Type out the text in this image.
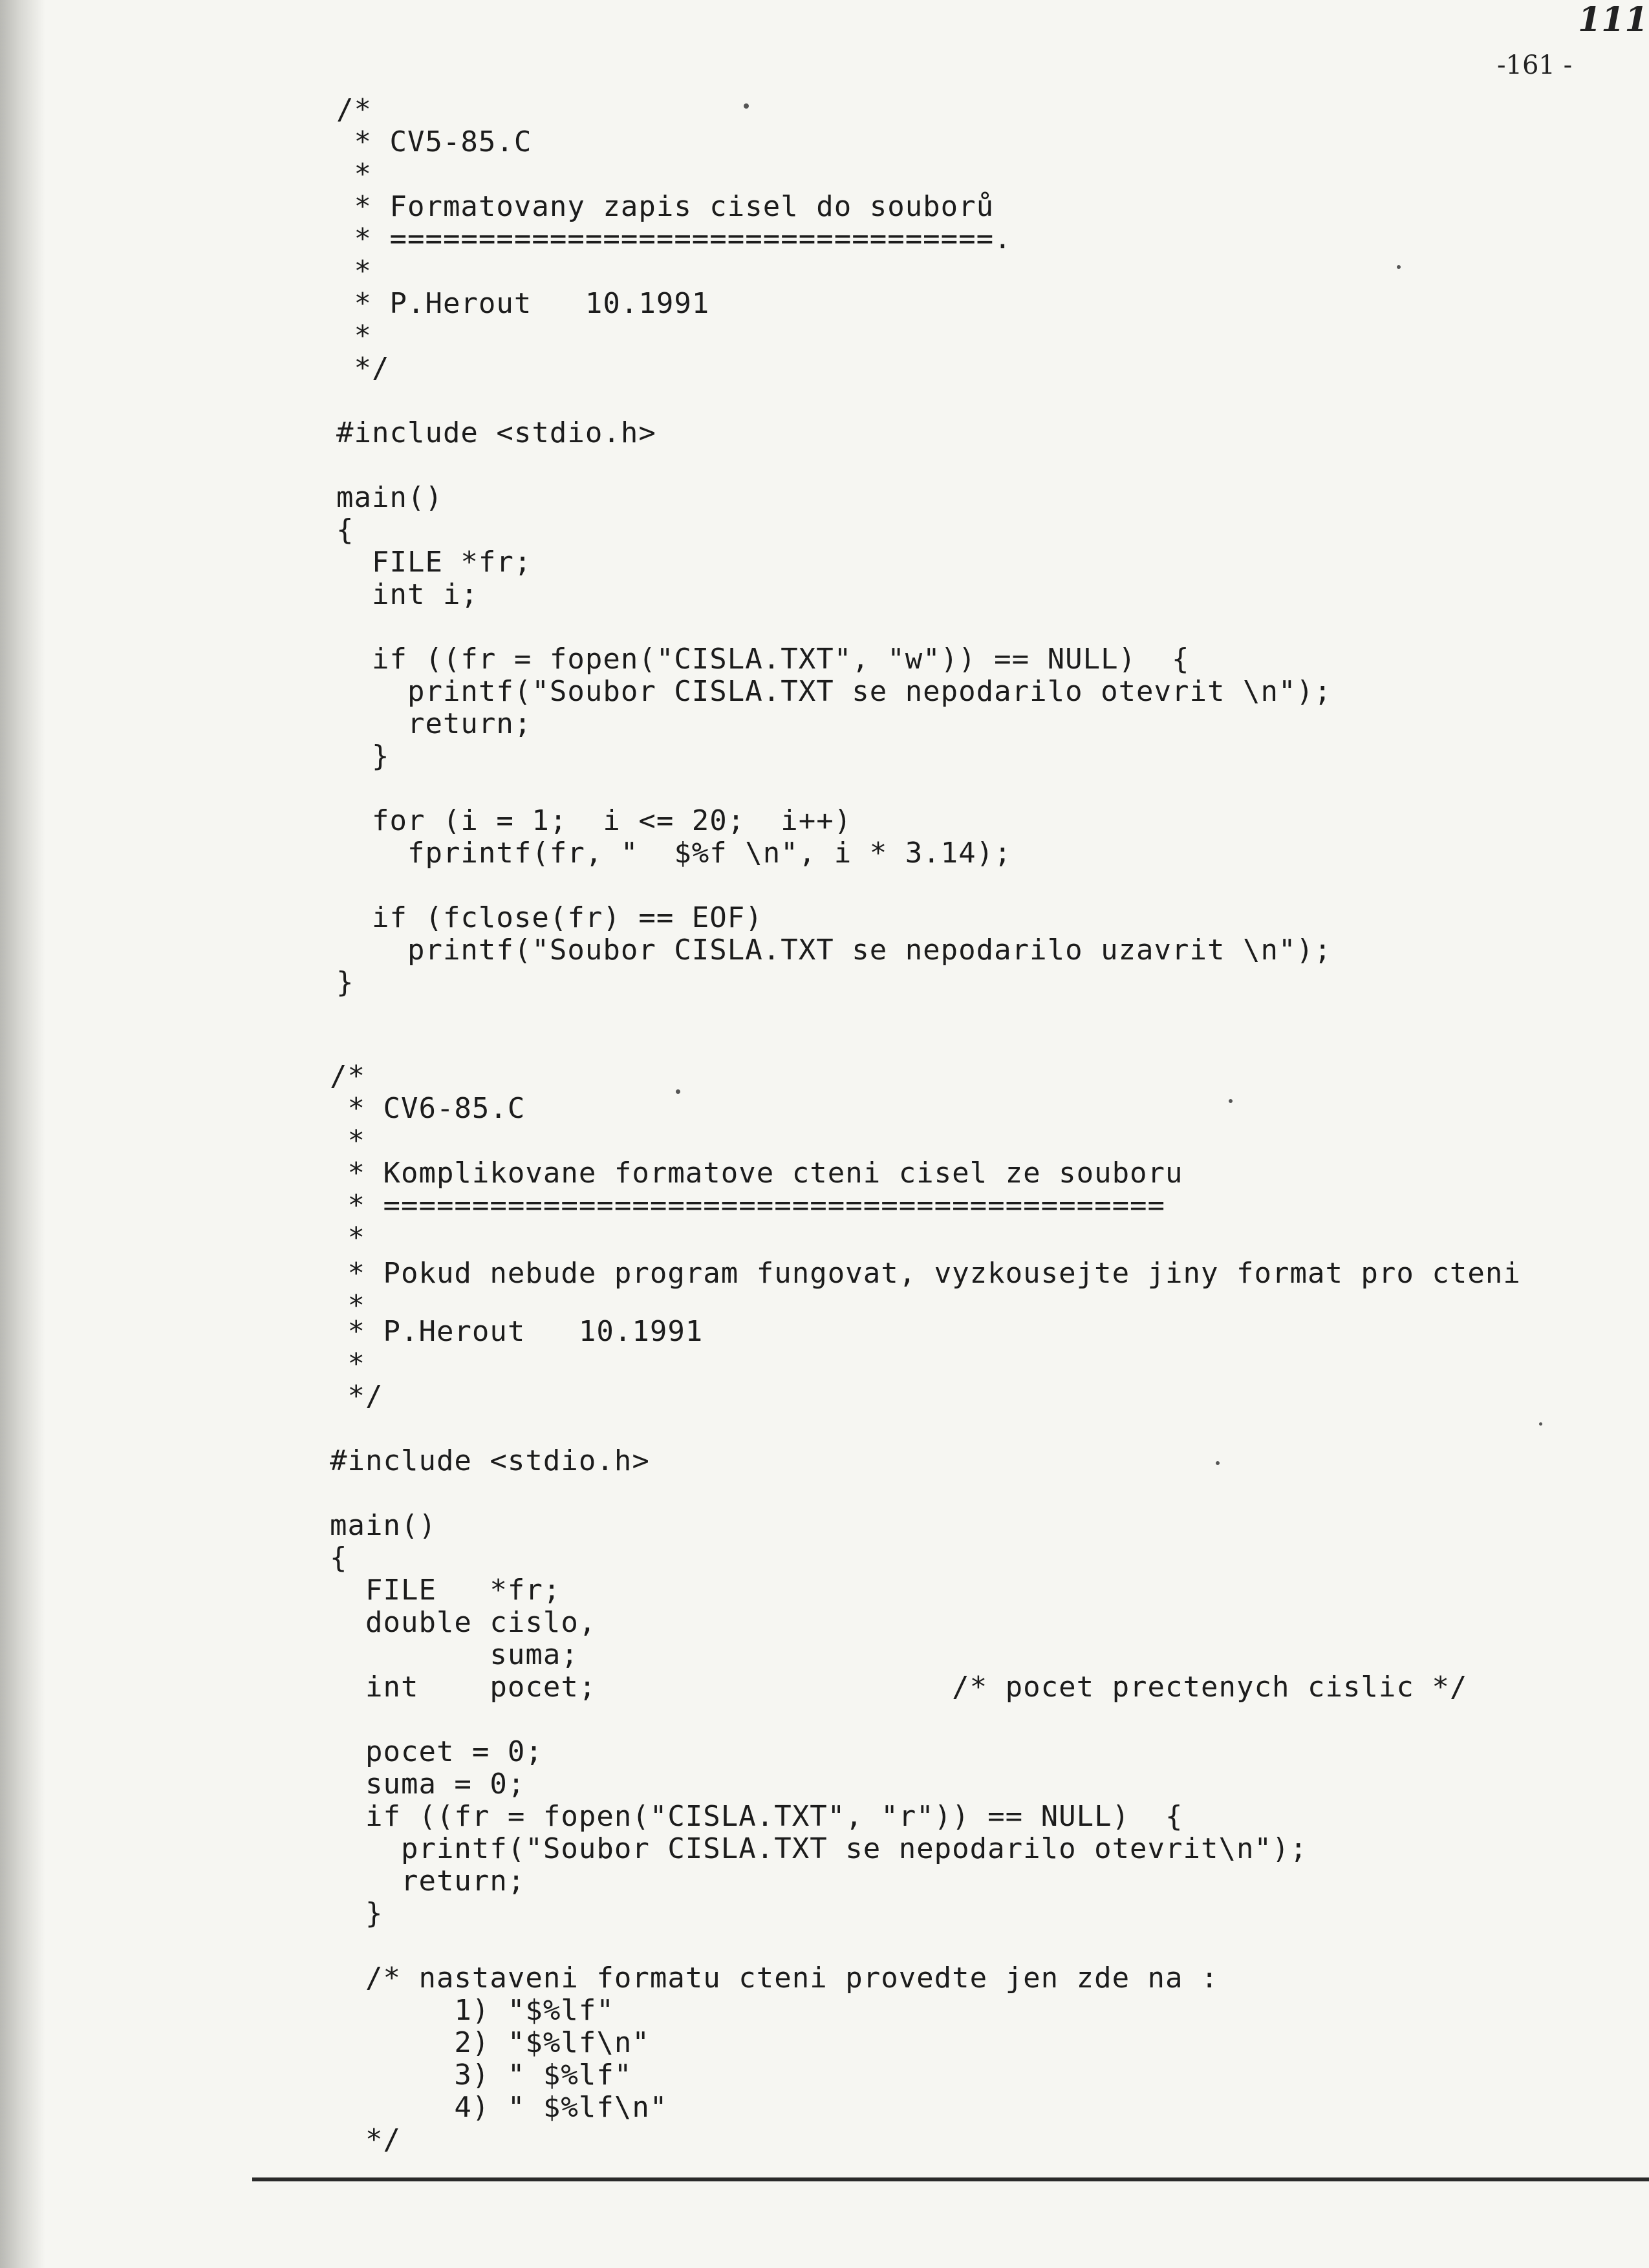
111
-161 -
/*
* CV5-85.C
*
* Formatovany zapis cisel do souborů
* ==================================.
*
* P.Herout   10.1991
*
*/
#include <stdio.h>
main()
{
FILE *fr;
int i;
if ((fr = fopen("CISLA.TXT", "w")) == NULL)  {
printf("Soubor CISLA.TXT se nepodarilo otevrit \n");
return;
}
for (i = 1;  i <= 20;  i++)
fprintf(fr, "  $%f \n", i * 3.14);
if (fclose(fr) == EOF)
printf("Soubor CISLA.TXT se nepodarilo uzavrit \n");
}
/*
* CV6-85.C
*
* Komplikovane formatove cteni cisel ze souboru
* ============================================
*
* Pokud nebude program fungovat, vyzkousejte jiny format pro cteni
*
* P.Herout   10.1991
*
*/
#include <stdio.h>
main()
{
FILE   *fr;
double cislo,
suma;
int    pocet;                    /* pocet prectenych cislic */
pocet = 0;
suma = 0;
if ((fr = fopen("CISLA.TXT", "r")) == NULL)  {
printf("Soubor CISLA.TXT se nepodarilo otevrit\n");
return;
}
/* nastaveni formatu cteni provedte jen zde na :
1) "$%lf"
2) "$%lf\n"
3) " $%lf"
4) " $%lf\n"
*/
